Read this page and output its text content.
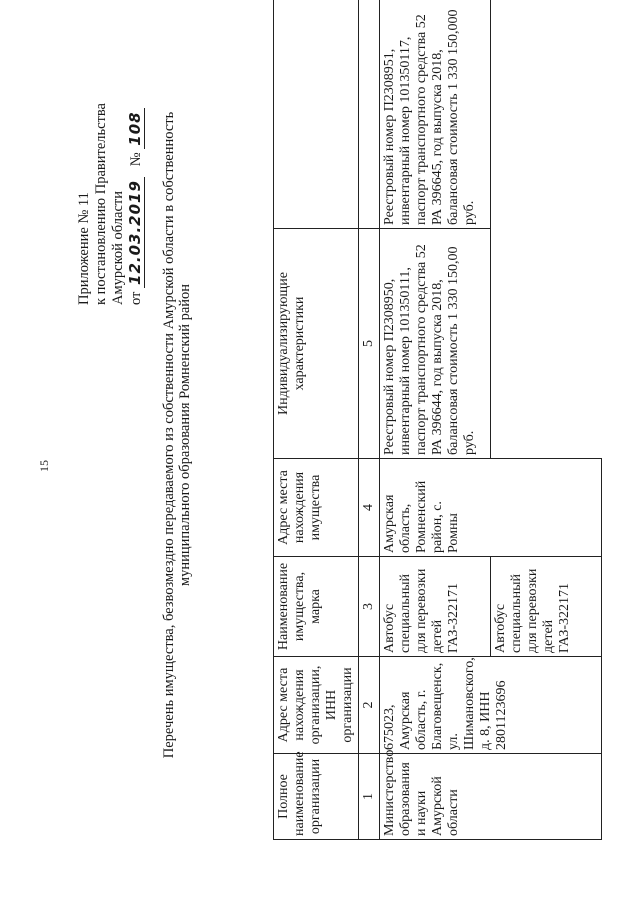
15
Приложение № 11 к постановлению Правительства Амурской области от 12.03.2019   № 108 Перечень имущества, безвозмездно передаваемого из собственности Амурской области в собственность муниципального образования Ромненский район
Полное наименование организации	Адрес места нахождения организации, ИНН организации	Наименование имущества, марка	Адрес места нахождения имущества	Индивидуализирующие характеристики	
1	2	3	4	5	
Министерство образования и науки Амурской области	675023, Амурская область, г. Благовещенск, ул. Шимановского, д. 8, ИНН 2801123696	Автобус специальный для перевозки детей ГАЗ-322171	Амурская область, Ромненский район, с. Ромны	Реестровый номер П2308950, инвентарный номер 101350111, паспорт транспортного средства 52 РА 396644, год выпуска 2018, балансовая стоимость 1 330 150,00 руб.	Реестровый номер П2308951, инвентарный номер 101350117, паспорт транспортного средства 52 РА 396645, год выпуска 2018, балансовая стоимость 1 330 150,000 руб.
		Автобус специальный для перевозки детей ГАЗ-322171			
